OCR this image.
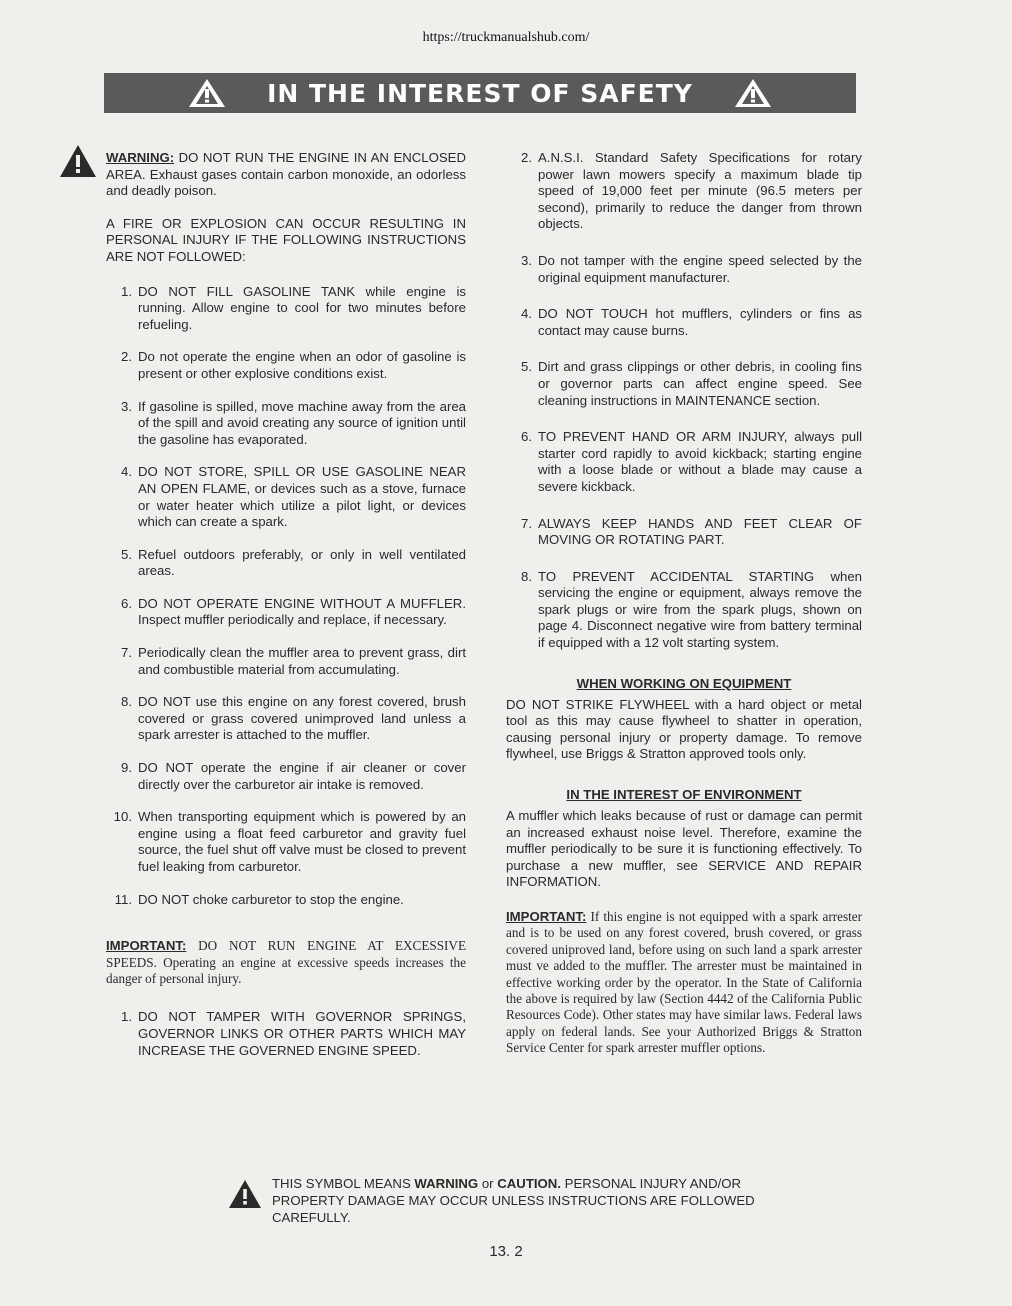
https://truckmanualshub.com/
IN THE INTEREST OF SAFETY

WARNING: DO NOT RUN THE ENGINE IN AN ENCLOSED AREA. Exhaust gases contain carbon monoxide, an odorless and deadly poison.

A FIRE OR EXPLOSION CAN OCCUR RESULTING IN PERSONAL INJURY IF THE FOLLOWING INSTRUCTIONS ARE NOT FOLLOWED:

1. DO NOT FILL GASOLINE TANK while engine is running. Allow engine to cool for two minutes before refueling.
2. Do not operate the engine when an odor of gasoline is present or other explosive conditions exist.
3. If gasoline is spilled, move machine away from the area of the spill and avoid creating any source of ignition until the gasoline has evaporated.
4. DO NOT STORE, SPILL OR USE GASOLINE NEAR AN OPEN FLAME, or devices such as a stove, furnace or water heater which utilize a pilot light, or devices which can create a spark.
5. Refuel outdoors preferably, or only in well ventilated areas.
6. DO NOT OPERATE ENGINE WITHOUT A MUFFLER. Inspect muffler periodically and replace, if necessary.
7. Periodically clean the muffler area to prevent grass, dirt and combustible material from accumulating.
8. DO NOT use this engine on any forest covered, brush covered or grass covered unimproved land unless a spark arrester is attached to the muffler.
9. DO NOT operate the engine if air cleaner or cover directly over the carburetor air intake is removed.
10. When transporting equipment which is powered by an engine using a float feed carburetor and gravity fuel source, the fuel shut off valve must be closed to prevent fuel leaking from carburetor.
11. DO NOT choke carburetor to stop the engine.

IMPORTANT: DO NOT RUN ENGINE AT EXCESSIVE SPEEDS. Operating an engine at excessive speeds increases the danger of personal injury.

1. DO NOT TAMPER WITH GOVERNOR SPRINGS, GOVERNOR LINKS OR OTHER PARTS WHICH MAY INCREASE THE GOVERNED ENGINE SPEED.
2. A.N.S.I. Standard Safety Specifications for rotary power lawn mowers specify a maximum blade tip speed of 19,000 feet per minute (96.5 meters per second), primarily to reduce the danger from thrown objects.
3. Do not tamper with the engine speed selected by the original equipment manufacturer.
4. DO NOT TOUCH hot mufflers, cylinders or fins as contact may cause burns.
5. Dirt and grass clippings or other debris, in cooling fins or governor parts can affect engine speed. See cleaning instructions in MAINTENANCE section.
6. TO PREVENT HAND OR ARM INJURY, always pull starter cord rapidly to avoid kickback; starting engine with a loose blade or without a blade may cause a severe kickback.
7. ALWAYS KEEP HANDS AND FEET CLEAR OF MOVING OR ROTATING PART.
8. TO PREVENT ACCIDENTAL STARTING when servicing the engine or equipment, always remove the spark plugs or wire from the spark plugs, shown on page 4. Disconnect negative wire from battery terminal if equipped with a 12 volt starting system.

WHEN WORKING ON EQUIPMENT

DO NOT STRIKE FLYWHEEL with a hard object or metal tool as this may cause flywheel to shatter in operation, causing personal injury or property damage. To remove flywheel, use Briggs & Stratton approved tools only.

IN THE INTEREST OF ENVIRONMENT

A muffler which leaks because of rust or damage can permit an increased exhaust noise level. Therefore, examine the muffler periodically to be sure it is functioning effectively. To purchase a new muffler, see SERVICE AND REPAIR INFORMATION.

IMPORTANT: If this engine is not equipped with a spark arrester and is to be used on any forest covered, brush covered, or grass covered uniproved land, before using on such land a spark arrester must ve added to the muffler. The arrester must be maintained in effective working order by the operator. In the State of California the above is required by law (Section 4442 of the California Public Resources Code). Other states may have similar laws. Federal laws apply on federal lands. See your Authorized Briggs & Stratton Service Center for spark arrester muffler options.

THIS SYMBOL MEANS WARNING or CAUTION. PERSONAL INJURY AND/OR PROPERTY DAMAGE MAY OCCUR UNLESS INSTRUCTIONS ARE FOLLOWED CAREFULLY.
13. 2
